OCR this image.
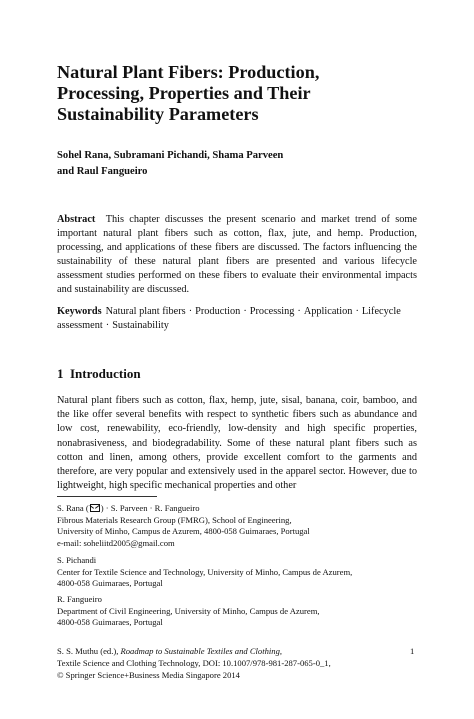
Natural Plant Fibers: Production,
Processing, Properties and Their
Sustainability Parameters
Sohel Rana, Subramani Pichandi, Shama Parveen
and Raul Fangueiro
Abstract This chapter discusses the present scenario and market trend of some important natural plant fibers such as cotton, flax, jute, and hemp. Production, processing, and applications of these fibers are discussed. The factors influencing the sustainability of these natural plant fibers are presented and various lifecycle assessment studies performed on these fibers to evaluate their environmental impacts and sustainability are discussed.
Keywords Natural plant fibers · Production · Processing · Application · Lifecycle assessment · Sustainability
1 Introduction
Natural plant fibers such as cotton, flax, hemp, jute, sisal, banana, coir, bamboo, and the like offer several benefits with respect to synthetic fibers such as abundance and low cost, renewability, eco-friendly, low-density and high specific properties, nonabrasiveness, and biodegradability. Some of these natural plant fibers such as cotton and linen, among others, provide excellent comfort to the garments and therefore, are very popular and extensively used in the apparel sector. However, due to lightweight, high specific mechanical properties and other
S. Rana ( ) · S. Parveen · R. Fangueiro
Fibrous Materials Research Group (FMRG), School of Engineering,
University of Minho, Campus de Azurem, 4800-058 Guimaraes, Portugal
e-mail: soheliitd2005@gmail.com
S. Pichandi
Center for Textile Science and Technology, University of Minho, Campus de Azurem,
4800-058 Guimaraes, Portugal
R. Fangueiro
Department of Civil Engineering, University of Minho, Campus de Azurem,
4800-058 Guimaraes, Portugal
S. S. Muthu (ed.), Roadmap to Sustainable Textiles and Clothing,
Textile Science and Clothing Technology, DOI: 10.1007/978-981-287-065-0_1,
© Springer Science+Business Media Singapore 2014
1
